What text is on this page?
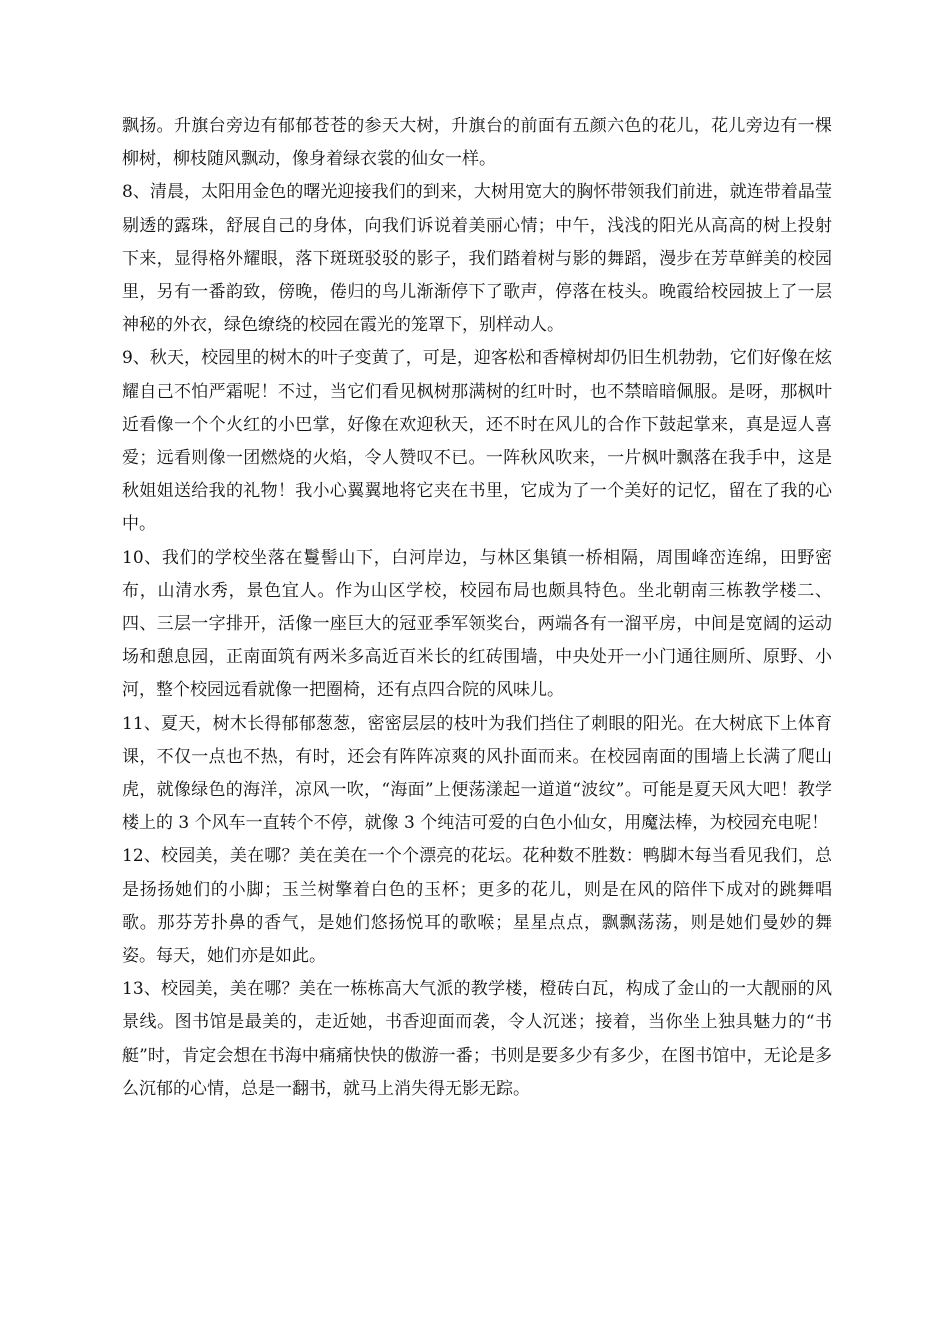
飘扬。升旗台旁边有郁郁苍苍的参天大树，升旗台的前面有五颜六色的花儿，花儿旁边有一棵柳树，柳枝随风飘动，像身着绿衣裳的仙女一样。

8、清晨，太阳用金色的曙光迎接我们的到来，大树用宽大的胸怀带领我们前进，就连带着晶莹剔透的露珠，舒展自己的身体，向我们诉说着美丽心情；中午，浅浅的阳光从高高的树上投射下来，显得格外耀眼，落下斑斑驳驳的影子，我们踏着树与影的舞蹈，漫步在芳草鲜美的校园里，另有一番韵致，傍晚，倦归的鸟儿渐渐停下了歌声，停落在枝头。晚霞给校园披上了一层神秘的外衣，绿色缭绕的校园在霞光的笼罩下，别样动人。

9、秋天，校园里的树木的叶子变黄了，可是，迎客松和香樟树却仍旧生机勃勃，它们好像在炫耀自己不怕严霜呢！不过，当它们看见枫树那满树的红叶时，也不禁暗暗佩服。是呀，那枫叶近看像一个个火红的小巴掌，好像在欢迎秋天，还不时在风儿的合作下鼓起掌来，真是逗人喜爱；远看则像一团燃烧的火焰，令人赞叹不已。一阵秋风吹来，一片枫叶飘落在我手中，这是秋姐姐送给我的礼物！我小心翼翼地将它夹在书里，它成为了一个美好的记忆，留在了我的心中。

10、我们的学校坐落在鬘髻山下，白河岸边，与林区集镇一桥相隔，周围峰峦连绵，田野密布，山清水秀，景色宜人。作为山区学校，校园布局也颇具特色。坐北朝南三栋教学楼二、四、三层一字排开，活像一座巨大的冠亚季军领奖台，两端各有一溜平房，中间是宽阔的运动场和憩息园，正南面筑有两米多高近百米长的红砖围墙，中央处开一小门通往厕所、原野、小河，整个校园远看就像一把圈椅，还有点四合院的风味儿。

11、夏天，树木长得郁郁葱葱，密密层层的枝叶为我们挡住了刺眼的阳光。在大树底下上体育课，不仅一点也不热，有时，还会有阵阵凉爽的风扑面而来。在校园南面的围墙上长满了爬山虎，就像绿色的海洋，凉风一吹，“海面”上便荡漾起一道道“波纹”。可能是夏天风大吧！教学楼上的 3 个风车一直转个不停，就像 3 个纯洁可爱的白色小仙女，用魔法棒，为校园充电呢！

12、校园美，美在哪？美在美在一个个漂亮的花坛。花种数不胜数：鸭脚木每当看见我们，总是扬扬她们的小脚；玉兰树擎着白色的玉杯；更多的花儿，则是在风的陪伴下成对的跳舞唱歌。那芬芳扑鼻的香气，是她们悠扬悦耳的歌喉；星星点点，飘飘荡荡，则是她们曼妙的舞姿。每天，她们亦是如此。

13、校园美，美在哪？美在一栋栋高大气派的教学楼，橙砖白瓦，构成了金山的一大靓丽的风景线。图书馆是最美的，走近她，书香迎面而袭，令人沉迷；接着，当你坐上独具魅力的“书艇”时，肯定会想在书海中痛痛快快的傲游一番；书则是要多少有多少，在图书馆中，无论是多么沉郁的心情，总是一翻书，就马上消失得无影无踪。
